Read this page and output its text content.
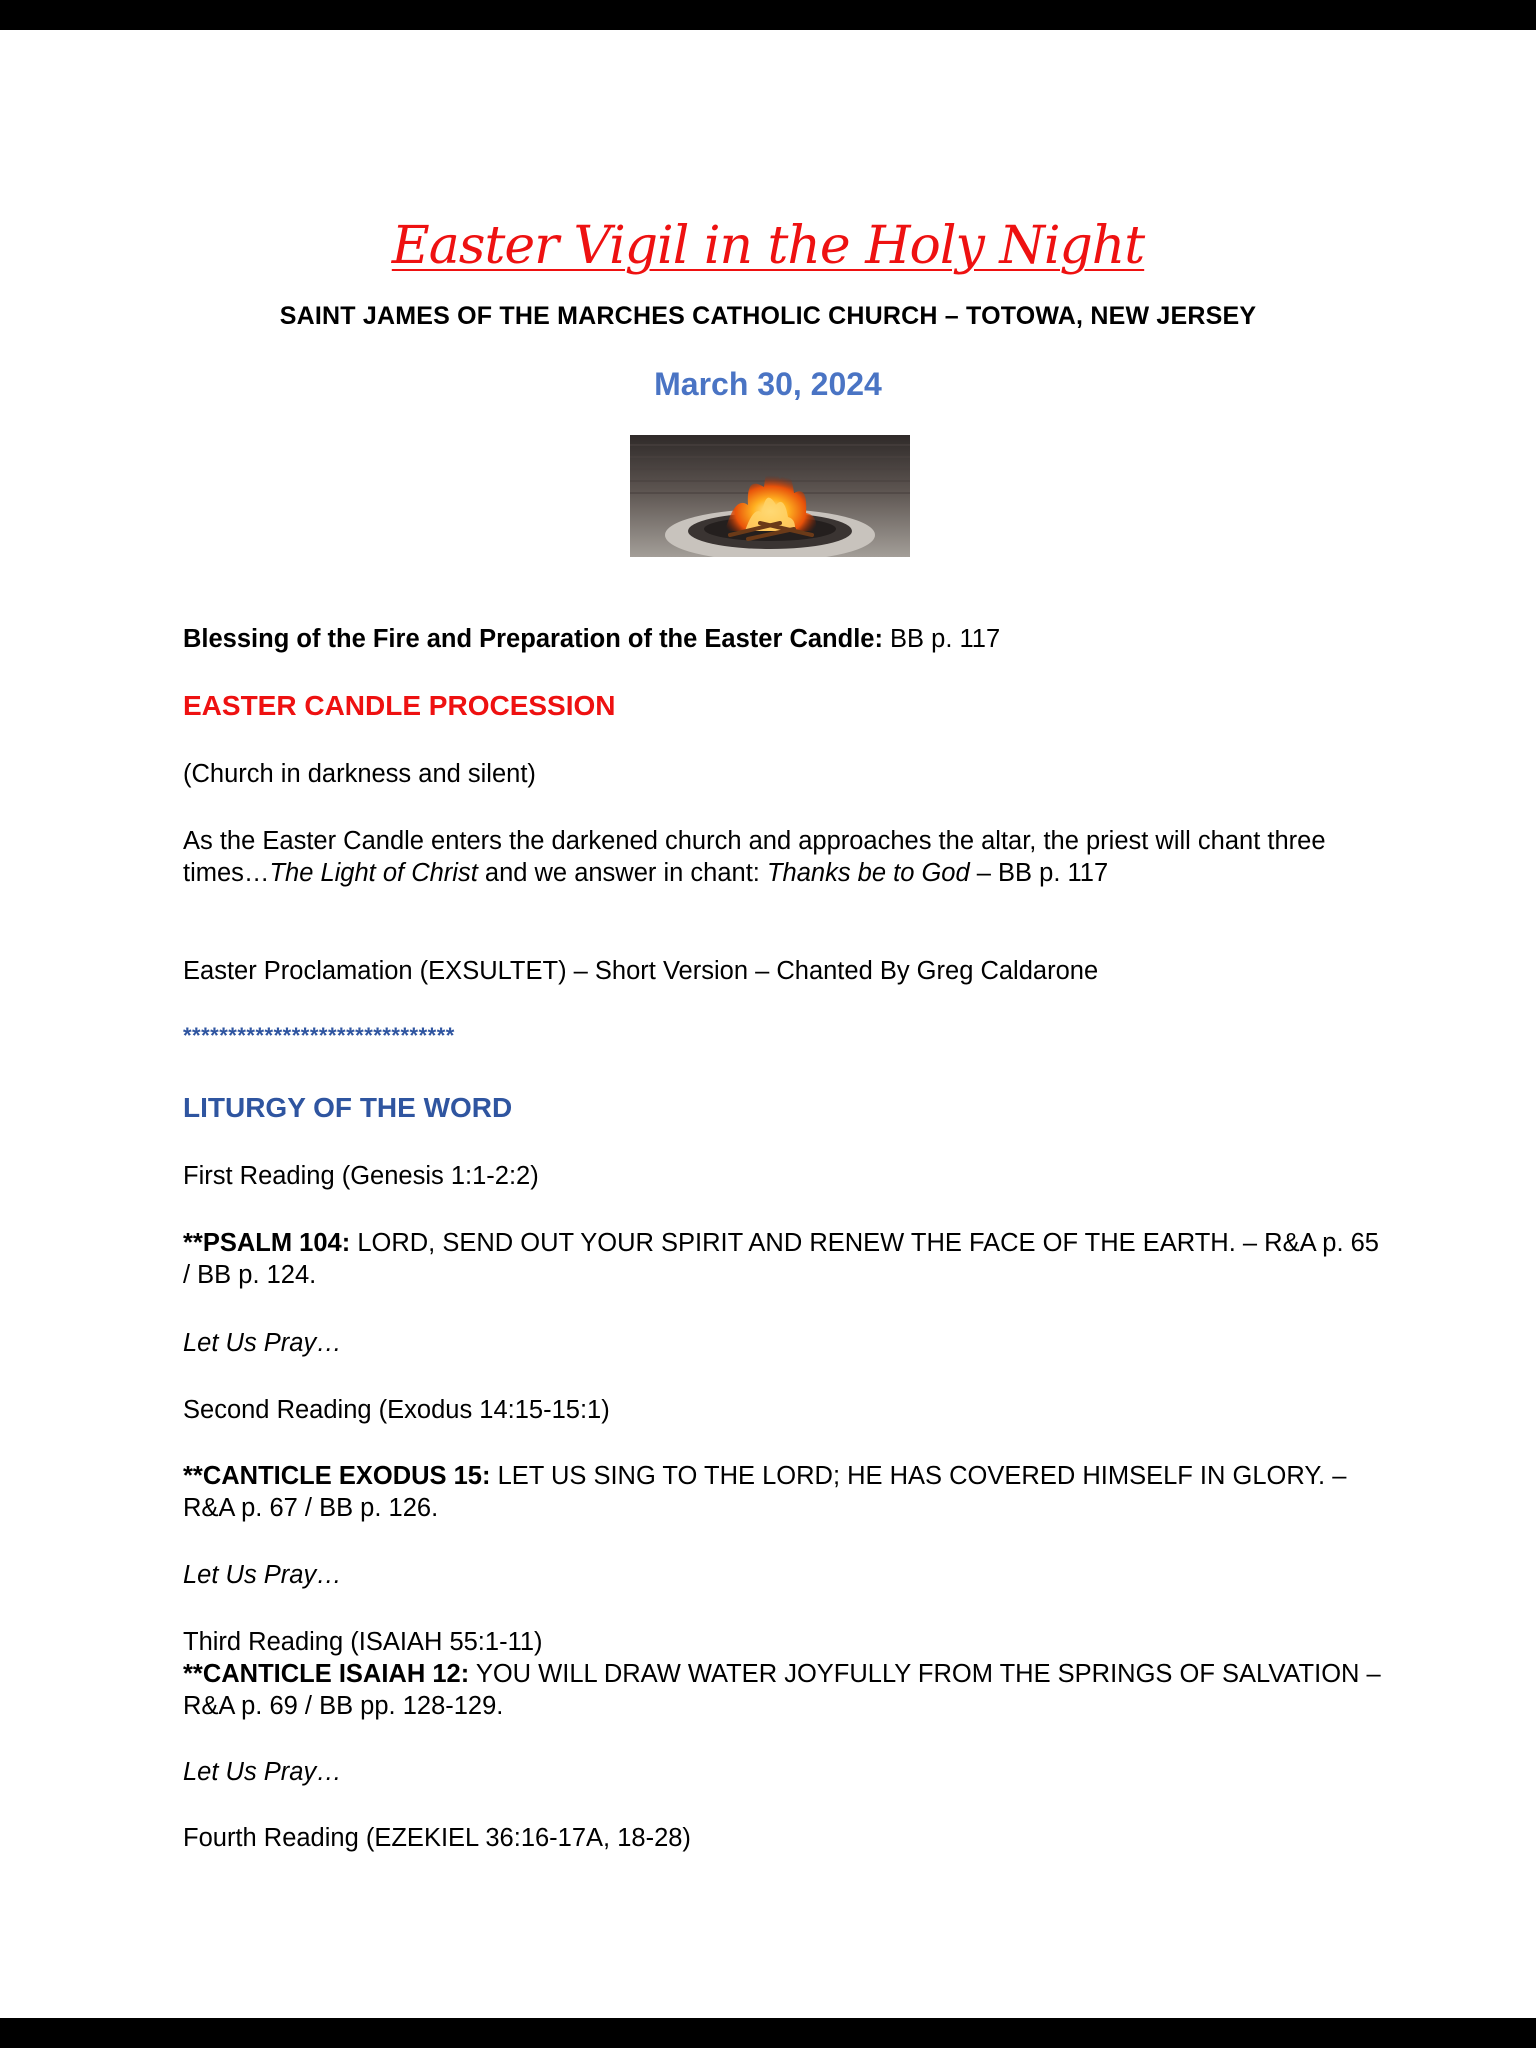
Easter Vigil in the Holy Night
SAINT JAMES OF THE MARCHES CATHOLIC CHURCH – TOTOWA, NEW JERSEY
March 30, 2024
Blessing of the Fire and Preparation of the Easter Candle: BB p. 117
EASTER CANDLE PROCESSION
(Church in darkness and silent)
As the Easter Candle enters the darkened church and approaches the altar, the priest will chant three times…The Light of Christ and we answer in chant: Thanks be to God – BB p. 117
Easter Proclamation (EXSULTET) – Short Version – Chanted By Greg Caldarone
******************************
LITURGY OF THE WORD
First Reading (Genesis 1:1-2:2)
**PSALM 104: LORD, SEND OUT YOUR SPIRIT AND RENEW THE FACE OF THE EARTH. – R&A p. 65 / BB p. 124.
Let Us Pray…
Second Reading (Exodus 14:15-15:1)
**CANTICLE EXODUS 15: LET US SING TO THE LORD; HE HAS COVERED HIMSELF IN GLORY. – R&A p. 67 / BB p. 126.
Let Us Pray…
Third Reading (ISAIAH 55:1-11)
**CANTICLE ISAIAH 12: YOU WILL DRAW WATER JOYFULLY FROM THE SPRINGS OF SALVATION – R&A p. 69 / BB pp. 128-129.
Let Us Pray…
Fourth Reading (EZEKIEL 36:16-17A, 18-28)
